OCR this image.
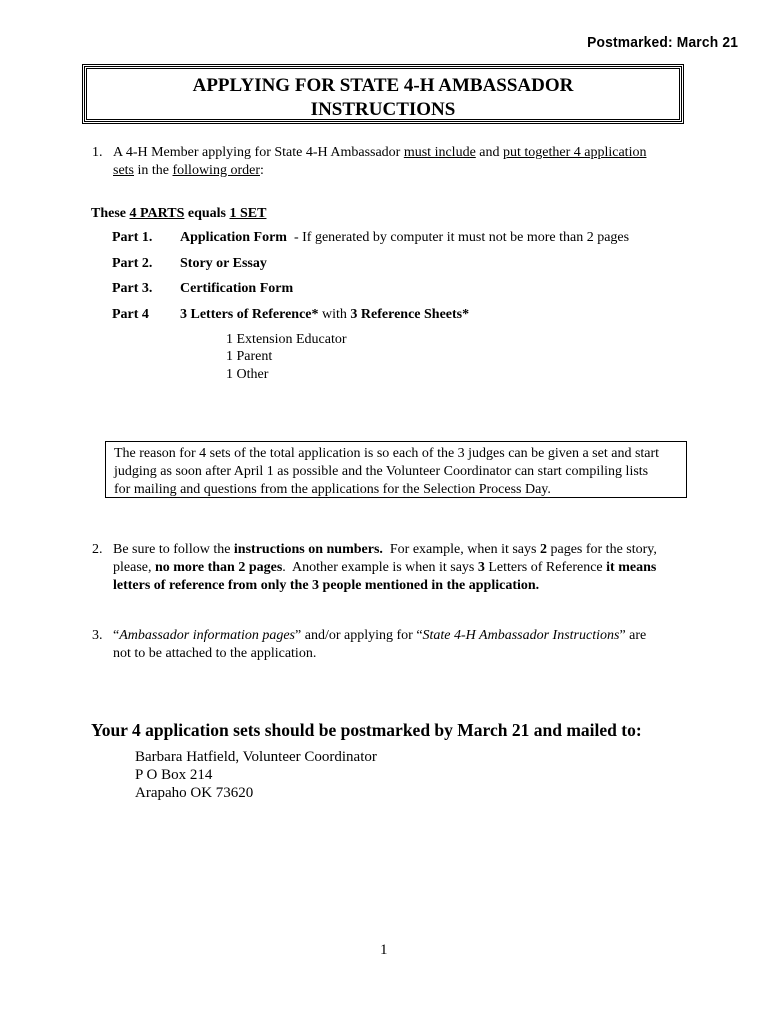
Postmarked: March 21
APPLYING FOR STATE 4-H AMBASSADOR
INSTRUCTIONS
1. A 4-H Member applying for State 4-H Ambassador must include and put together 4 application
sets in the following order:
These 4 PARTS equals 1 SET
Part 1. Application Form  - If generated by computer it must not be more than 2 pages
Part 2. Story or Essay
Part 3. Certification Form
Part 4 3 Letters of Reference* with 3 Reference Sheets*
1 Extension Educator
1 Parent
1 Other
The reason for 4 sets of the total application is so each of the 3 judges can be given a set and start
judging as soon after April 1 as possible and the Volunteer Coordinator can start compiling lists
for mailing and questions from the applications for the Selection Process Day.
2. Be sure to follow the instructions on numbers.  For example, when it says 2 pages for the story,
please, no more than 2 pages.  Another example is when it says 3 Letters of Reference it means
letters of reference from only the 3 people mentioned in the application.
3. “Ambassador information pages” and/or applying for “State 4-H Ambassador Instructions” are
not to be attached to the application.
Your 4 application sets should be postmarked by March 21 and mailed to:
Barbara Hatfield, Volunteer Coordinator
P O Box 214
Arapaho OK 73620
1
